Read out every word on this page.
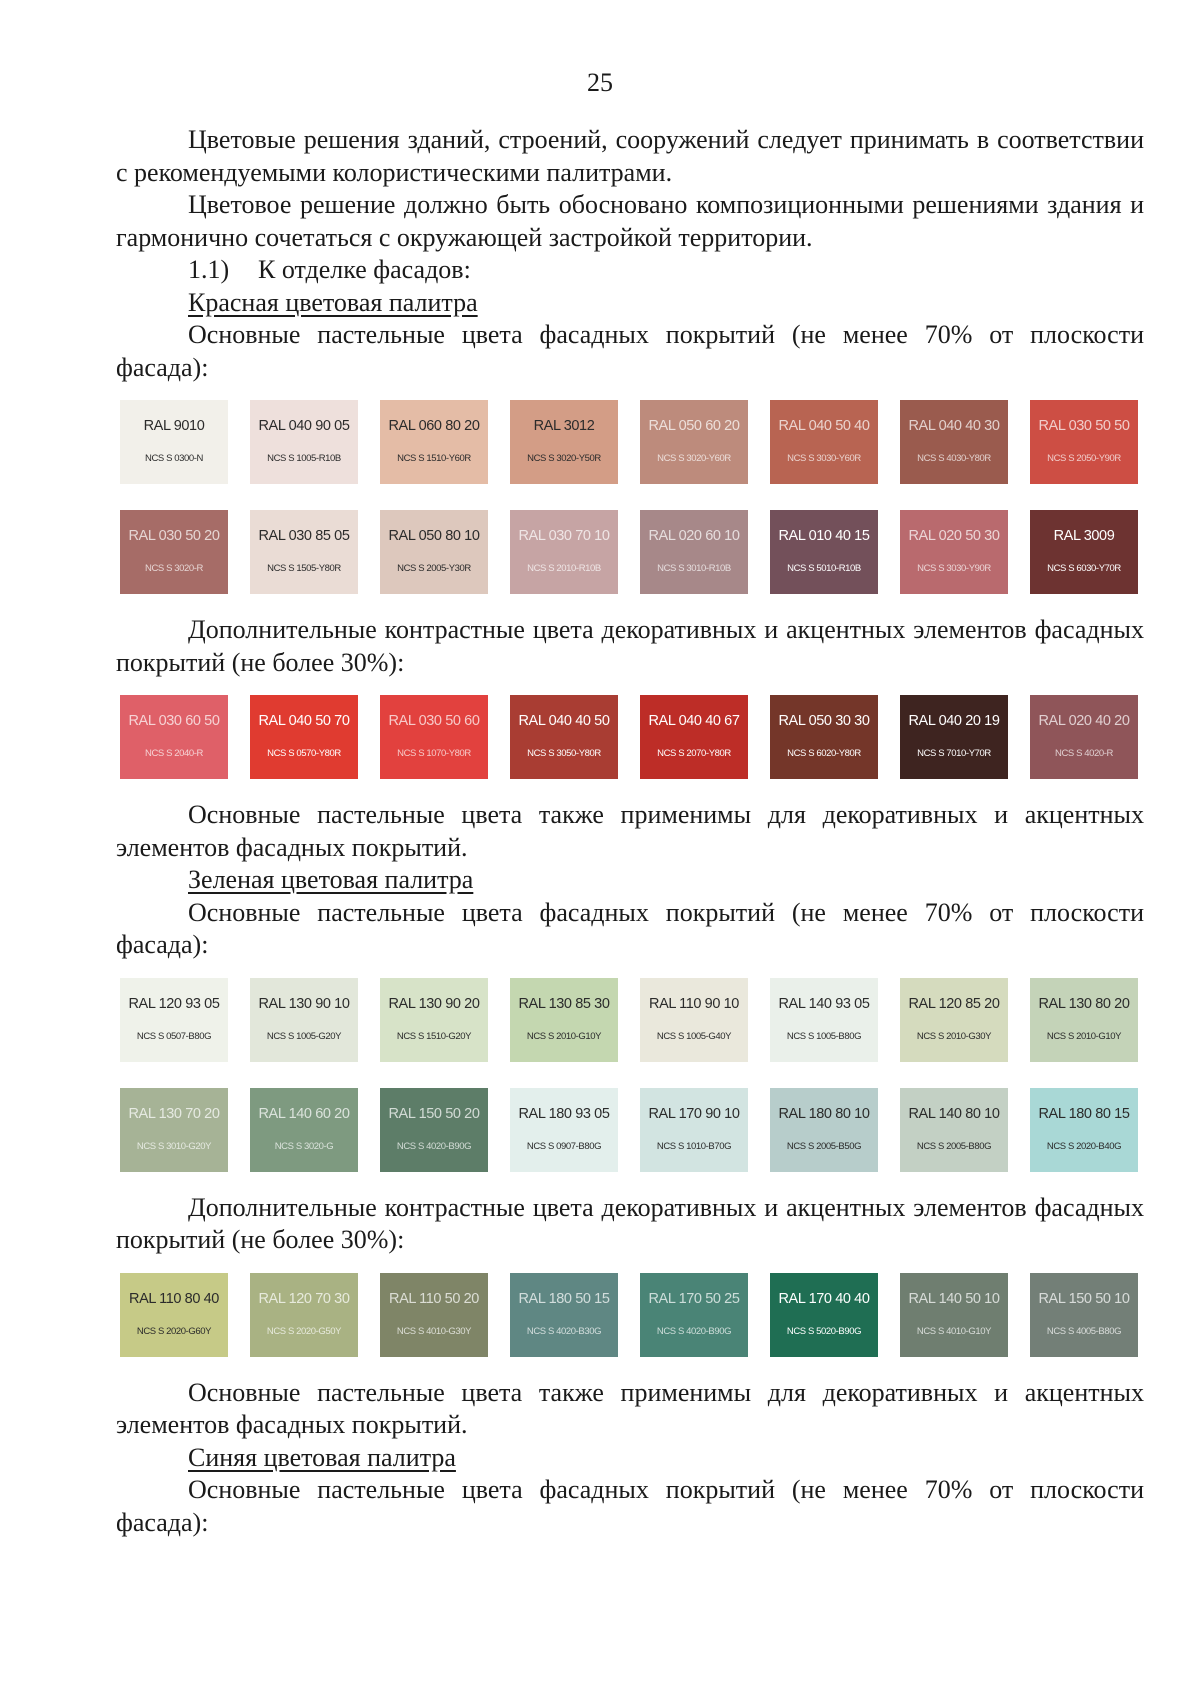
25

Цветовые решения зданий, строений, сооружений следует принимать в соответствии с рекомендуемыми колористическими палитрами.

Цветовое решение должно быть обосновано композиционными решениями здания и гармонично сочетаться с окружающей застройкой территории.

1.1) К отделке фасадов:

Красная цветовая палитра

Основные пастельные цвета фасадных покрытий (не менее 70% от плоскости фасада):

RAL 9010
NCS S 0300-N
RAL 040 90 05
NCS S 1005-R10B
RAL 060 80 20
NCS S 1510-Y60R
RAL 3012
NCS S 3020-Y50R
RAL 050 60 20
NCS S 3020-Y60R
RAL 040 50 40
NCS S 3030-Y60R
RAL 040 40 30
NCS S 4030-Y80R
RAL 030 50 50
NCS S 2050-Y90R
RAL 030 50 20
NCS S 3020-R
RAL 030 85 05
NCS S 1505-Y80R
RAL 050 80 10
NCS S 2005-Y30R
RAL 030 70 10
NCS S 2010-R10B
RAL 020 60 10
NCS S 3010-R10B
RAL 010 40 15
NCS S 5010-R10B
RAL 020 50 30
NCS S 3030-Y90R
RAL 3009
NCS S 6030-Y70R

Дополнительные контрастные цвета декоративных и акцентных элементов фасадных покрытий (не более 30%):

RAL 030 60 50
NCS S 2040-R
RAL 040 50 70
NCS S 0570-Y80R
RAL 030 50 60
NCS S 1070-Y80R
RAL 040 40 50
NCS S 3050-Y80R
RAL 040 40 67
NCS S 2070-Y80R
RAL 050 30 30
NCS S 6020-Y80R
RAL 040 20 19
NCS S 7010-Y70R
RAL 020 40 20
NCS S 4020-R

Основные пастельные цвета также применимы для декоративных и акцентных элементов фасадных покрытий.

Зеленая цветовая палитра

Основные пастельные цвета фасадных покрытий (не менее 70% от плоскости фасада):

RAL 120 93 05
NCS S 0507-B80G
RAL 130 90 10
NCS S 1005-G20Y
RAL 130 90 20
NCS S 1510-G20Y
RAL 130 85 30
NCS S 2010-G10Y
RAL 110 90 10
NCS S 1005-G40Y
RAL 140 93 05
NCS S 1005-B80G
RAL 120 85 20
NCS S 2010-G30Y
RAL 130 80 20
NCS S 2010-G10Y
RAL 130 70 20
NCS S 3010-G20Y
RAL 140 60 20
NCS S 3020-G
RAL 150 50 20
NCS S 4020-B90G
RAL 180 93 05
NCS S 0907-B80G
RAL 170 90 10
NCS S 1010-B70G
RAL 180 80 10
NCS S 2005-B50G
RAL 140 80 10
NCS S 2005-B80G
RAL 180 80 15
NCS S 2020-B40G

Дополнительные контрастные цвета декоративных и акцентных элементов фасадных покрытий (не более 30%):

RAL 110 80 40
NCS S 2020-G60Y
RAL 120 70 30
NCS S 2020-G50Y
RAL 110 50 20
NCS S 4010-G30Y
RAL 180 50 15
NCS S 4020-B30G
RAL 170 50 25
NCS S 4020-B90G
RAL 170 40 40
NCS S 5020-B90G
RAL 140 50 10
NCS S 4010-G10Y
RAL 150 50 10
NCS S 4005-B80G

Основные пастельные цвета также применимы для декоративных и акцентных элементов фасадных покрытий.

Синяя цветовая палитра

Основные пастельные цвета фасадных покрытий (не менее 70% от плоскости фасада):
